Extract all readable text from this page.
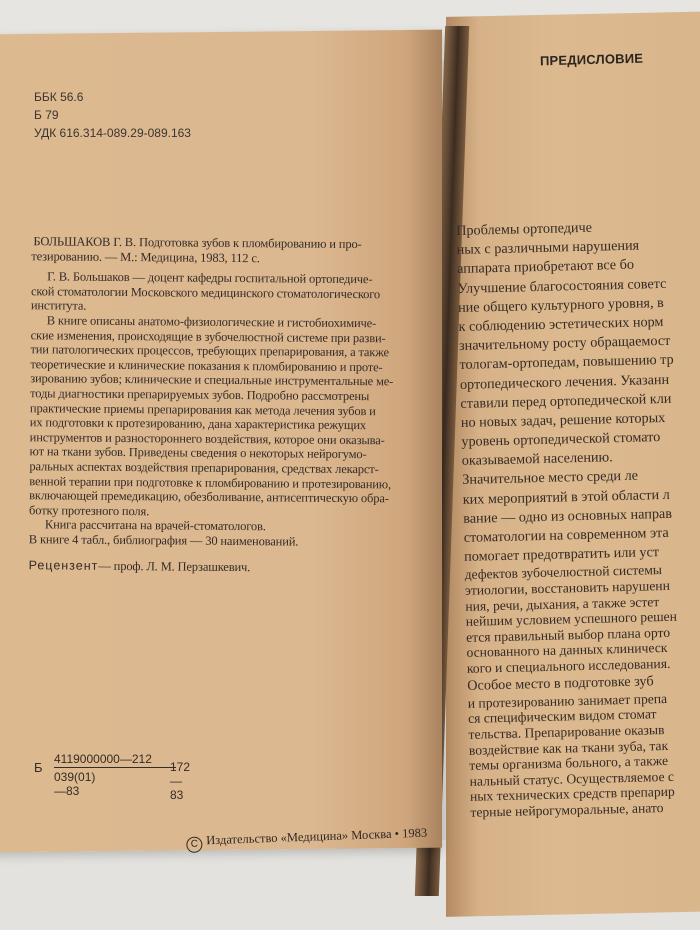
ББК 56.6
Б 79
УДК 616.314-089.29-089.163
БОЛЬШАКОВ Г. В. Подготовка зубов к пломбированию и про-
тезированию. — М.: Медицина, 1983, 112 с.
Г. В. Большаков — доцент кафедры госпитальной ортопедиче-
ской стоматологии Московского медицинского стоматологического
института.
В книге описаны анатомо-физиологические и гистобиохимиче-
ские изменения, происходящие в зубочелюстной системе при разви-
тии патологических процессов, требующих препарирования, а также
теоретические и клинические показания к пломбированию и проте-
зированию зубов; клинические и специальные инструментальные ме-
тоды диагностики препарируемых зубов. Подробно рассмотрены
практические приемы препарирования как метода лечения зубов и
их подготовки к протезированию, дана характеристика режущих
инструментов и разностороннего воздействия, которое они оказыва-
ют на ткани зубов. Приведены сведения о некоторых нейрогумо-
ральных аспектах воздействия препарирования, средствах лекарст-
венной терапии при подготовке к пломбированию и протезированию,
включающей премедикацию, обезболивание, антисептическую обра-
ботку протезного поля.
Книга рассчитана на врачей-стоматологов.
В книге 4 табл., библиография — 30 наименований.
Рецензент— проф. Л. М. Перзашкевич.
Б
4119000000—212
039(01)—83
172—83
C Издательство «Медицина» Москва • 1983
ПРЕДИСЛОВИЕ
Проблемы ортопедиче
ных с различными нарушения
аппарата приобретают все бо
Улучшение благосостояния советс
ние общего культурного уровня, в
к соблюдению эстетических норм
значительному росту обращаемост
тологам-ортопедам, повышению тр
ортопедического лечения. Указанн
ставили перед ортопедической кли
но новых задач, решение которых
уровень ортопедической стомато
оказываемой населению.
Значительное место среди ле
ких мероприятий в этой области л
вание — одно из основных направ
стоматологии на современном эта
помогает предотвратить или уст
дефектов зубочелюстной системы
этиологии, восстановить нарушенн
ния, речи, дыхания, а также эстет
нейшим условием успешного решен
ется правильный выбор плана орто
основанного на данных клиническ
кого и специального исследования.
Особое место в подготовке зуб
и протезированию занимает препа
ся специфическим видом стомат
тельства. Препарирование оказыв
воздействие как на ткани зуба, так
темы организма больного, а также
нальный статус. Осуществляемое с
ных технических средств препарир
терные нейрогуморальные, анато
